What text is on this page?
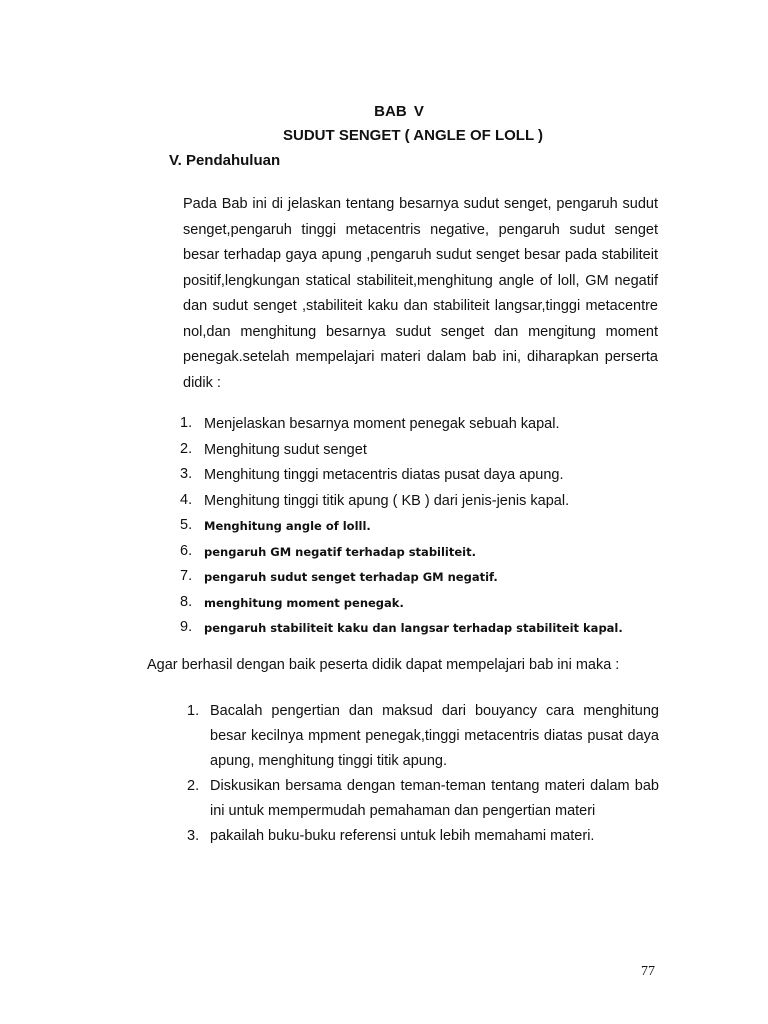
BAB V
SUDUT SENGET ( ANGLE OF LOLL )
V. Pendahuluan

Pada Bab ini di jelaskan tentang besarnya sudut senget, pengaruh sudut senget,pengaruh tinggi metacentris negative, pengaruh sudut senget besar terhadap gaya apung ,pengaruh sudut senget besar pada stabiliteit positif,lengkungan statical stabiliteit,menghitung angle of loll, GM negatif dan sudut senget ,stabiliteit kaku dan stabiliteit langsar,tinggi metacentre nol,dan menghitung besarnya sudut senget dan mengitung moment penegak.setelah mempelajari materi dalam bab ini, diharapkan perserta didik :

1. Menjelaskan besarnya moment penegak sebuah kapal.
2. Menghitung sudut senget
3. Menghitung tinggi metacentris diatas pusat daya apung.
4. Menghitung tinggi titik apung ( KB ) dari jenis-jenis kapal.
5. Menghitung angle of lolll.
6. pengaruh GM negatif terhadap stabiliteit.
7. pengaruh sudut senget terhadap GM negatif.
8. menghitung moment penegak.
9. pengaruh stabiliteit kaku dan langsar terhadap stabiliteit kapal.
Agar berhasil dengan baik peserta didik dapat mempelajari bab ini maka :
1. Bacalah pengertian dan maksud dari bouyancy cara menghitung besar kecilnya mpment penegak,tinggi metacentris diatas pusat daya apung, menghitung tinggi titik apung.
2. Diskusikan bersama dengan teman-teman tentang materi dalam bab ini untuk mempermudah pemahaman dan pengertian materi
3. pakailah buku-buku referensi untuk lebih memahami materi.
77
